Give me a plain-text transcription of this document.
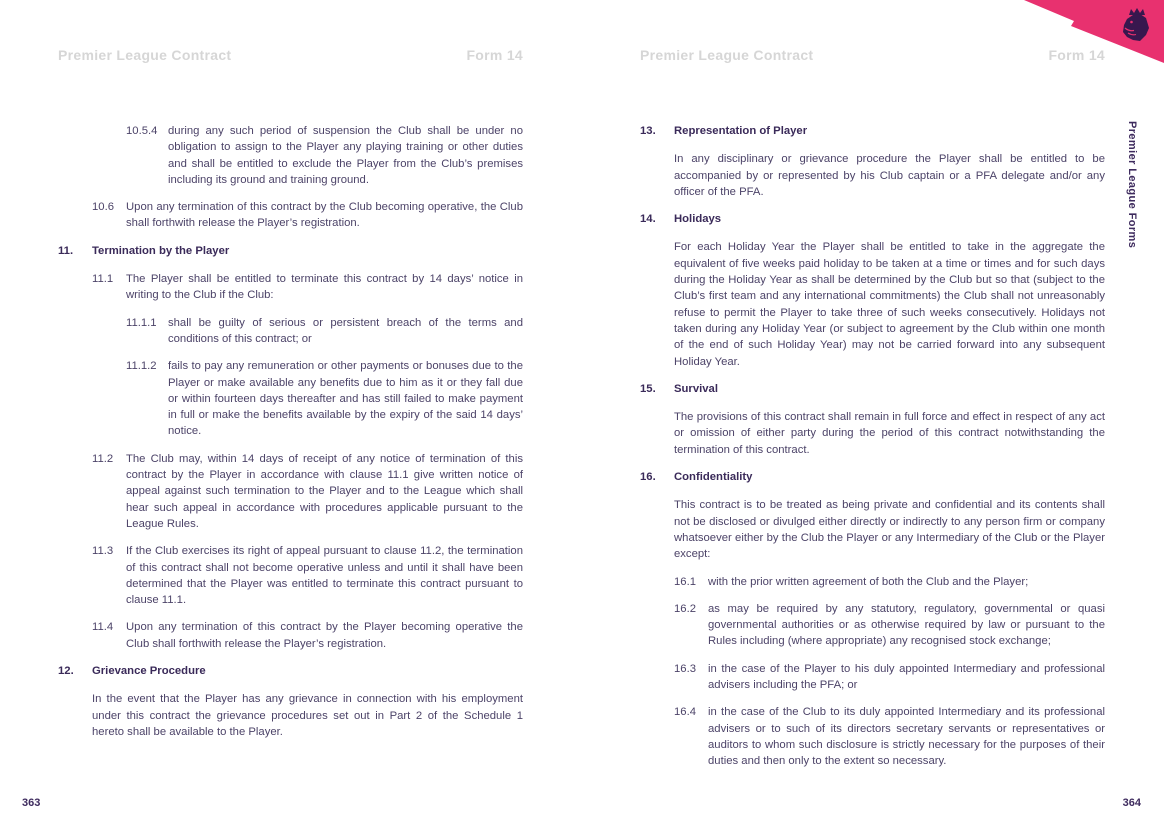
Premier League Contract	Form 14
10.5.4 during any such period of suspension the Club shall be under no obligation to assign to the Player any playing training or other duties and shall be entitled to exclude the Player from the Club’s premises including its ground and training ground.
10.6	Upon any termination of this contract by the Club becoming operative, the Club shall forthwith release the Player’s registration.
11.	Termination by the Player
11.1	The Player shall be entitled to terminate this contract by 14 days’ notice in writing to the Club if the Club:
11.1.1	shall be guilty of serious or persistent breach of the terms and conditions of this contract; or
11.1.2	fails to pay any remuneration or other payments or bonuses due to the Player or make available any benefits due to him as it or they fall due or within fourteen days thereafter and has still failed to make payment in full or make the benefits available by the expiry of the said 14 days’ notice.
11.2	The Club may, within 14 days of receipt of any notice of termination of this contract by the Player in accordance with clause 11.1 give written notice of appeal against such termination to the Player and to the League which shall hear such appeal in accordance with procedures applicable pursuant to the League Rules.
11.3	If the Club exercises its right of appeal pursuant to clause 11.2, the termination of this contract shall not become operative unless and until it shall have been determined that the Player was entitled to terminate this contract pursuant to clause 11.1.
11.4	Upon any termination of this contract by the Player becoming operative the Club shall forthwith release the Player’s registration.
12.	Grievance Procedure
In the event that the Player has any grievance in connection with his employment under this contract the grievance procedures set out in Part 2 of the Schedule 1 hereto shall be available to the Player.
363
Premier League Contract	Form 14
13.	Representation of Player
In any disciplinary or grievance procedure the Player shall be entitled to be accompanied by or represented by his Club captain or a PFA delegate and/or any officer of the PFA.
14.	Holidays
For each Holiday Year the Player shall be entitled to take in the aggregate the equivalent of five weeks paid holiday to be taken at a time or times and for such days during the Holiday Year as shall be determined by the Club but so that (subject to the Club’s first team and any international commitments) the Club shall not unreasonably refuse to permit the Player to take three of such weeks consecutively. Holidays not taken during any Holiday Year (or subject to agreement by the Club within one month of the end of such Holiday Year) may not be carried forward into any subsequent Holiday Year.
15.	Survival
The provisions of this contract shall remain in full force and effect in respect of any act or omission of either party during the period of this contract notwithstanding the termination of this contract.
16.	Confidentiality
This contract is to be treated as being private and confidential and its contents shall not be disclosed or divulged either directly or indirectly to any person firm or company whatsoever either by the Club the Player or any Intermediary of the Club or the Player except:
16.1	with the prior written agreement of both the Club and the Player;
16.2	as may be required by any statutory, regulatory, governmental or quasi governmental authorities or as otherwise required by law or pursuant to the Rules including (where appropriate) any recognised stock exchange;
16.3	in the case of the Player to his duly appointed Intermediary and professional advisers including the PFA; or
16.4	in the case of the Club to its duly appointed Intermediary and its professional advisers or to such of its directors secretary servants or representatives or auditors to whom such disclosure is strictly necessary for the purposes of their duties and then only to the extent so necessary.
364
Premier League Forms
